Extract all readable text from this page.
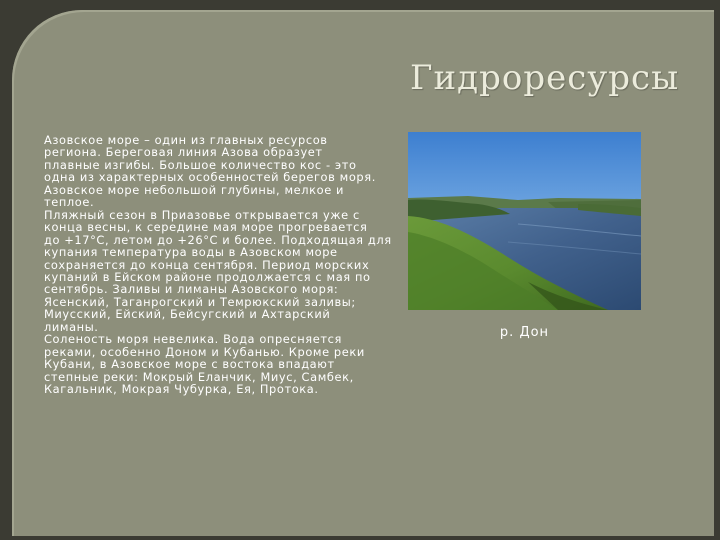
Гидроресурсы

Азовское море – один из главных ресурсов
региона. Береговая линия Азова образует
плавные изгибы. Большое количество кос - это
одна из характерных особенностей берегов моря.
Азовское море небольшой глубины, мелкое и
теплое.
Пляжный сезон в Приазовье открывается уже с
конца весны, к середине мая море прогревается
до +17°С, летом до +26°С и более. Подходящая для
купания температура воды в Азовском море
сохраняется до конца сентября. Период морских
купаний в Ейском районе продолжается с мая по
сентябрь. Заливы и лиманы Азовского моря:
Ясенский, Таганрогский и Темрюкский заливы;
Миусский, Ейский, Бейсугский и Ахтарский
лиманы.
Соленость моря невелика. Вода опресняется
реками, особенно Доном и Кубанью. Кроме реки
Кубани, в Азовское море с востока впадают
степные реки: Мокрый Еланчик, Миус, Самбек,
Кагальник, Мокрая Чубурка, Ея, Протока.

р. Дон
